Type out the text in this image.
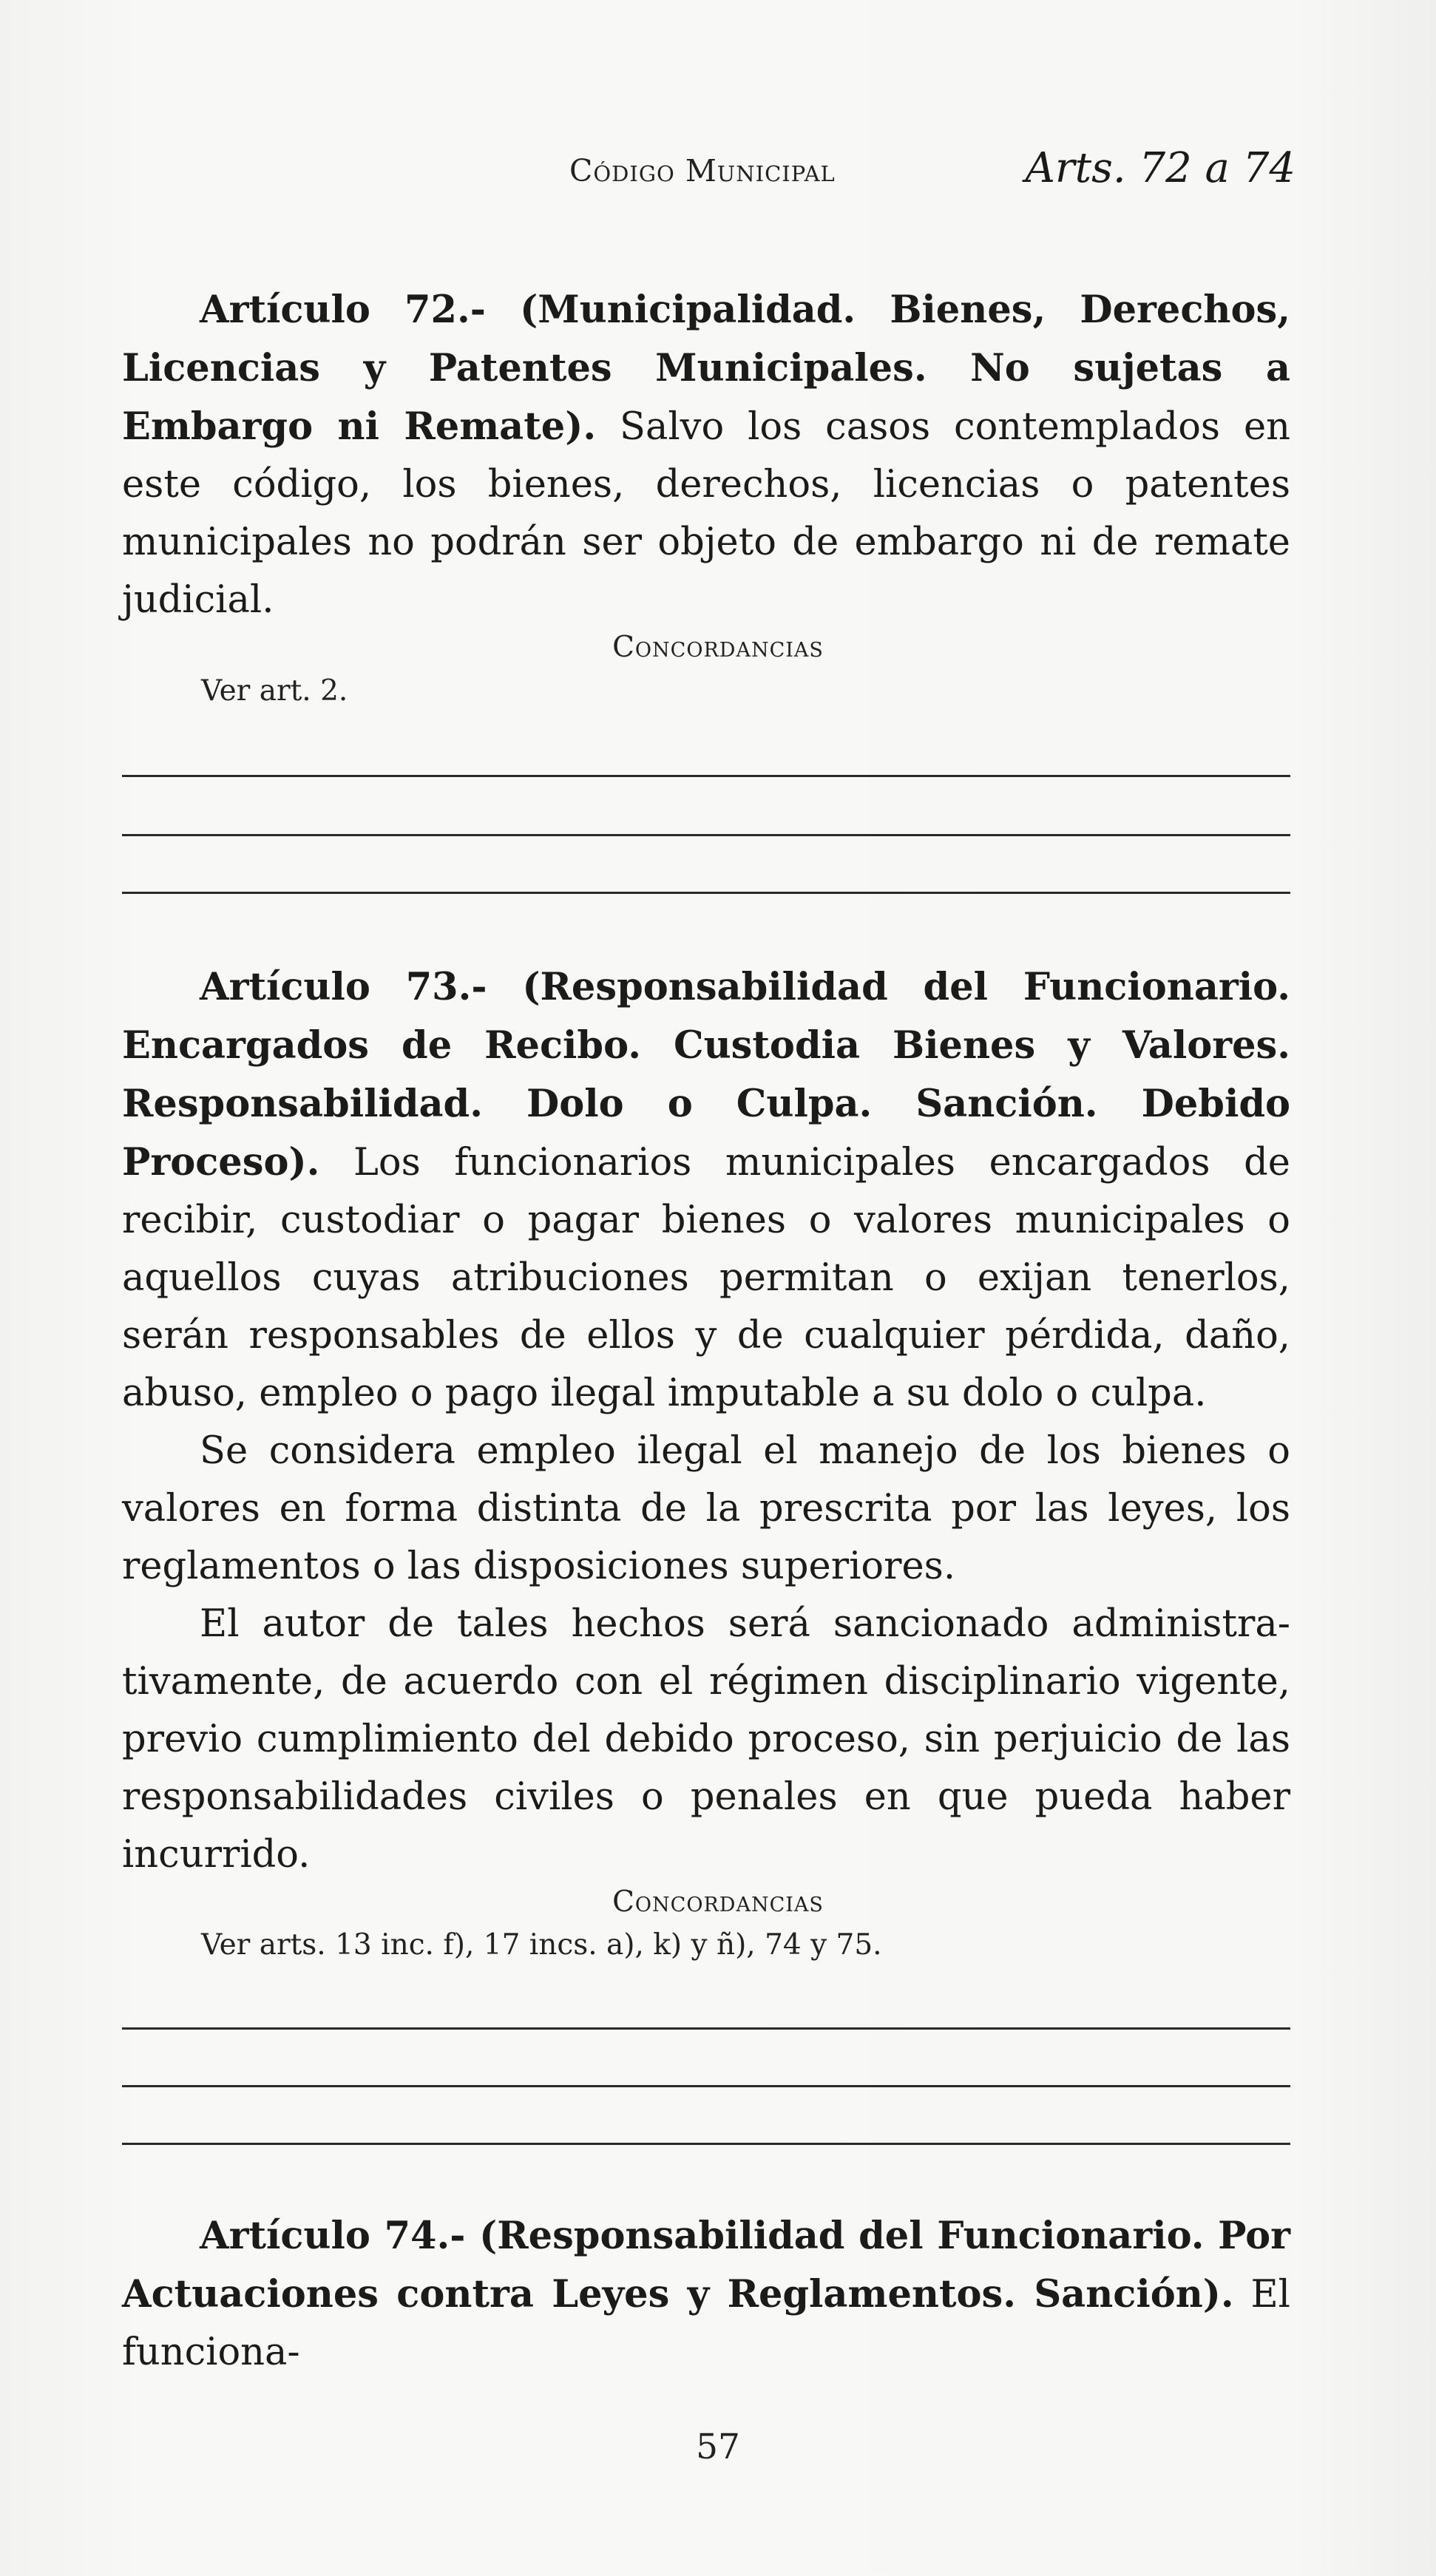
Código Municipal	Arts. 72 a 74

Artículo 72.- (Municipalidad. Bienes, Derechos, Licencias y Patentes Municipales. No sujetas a Embargo ni Remate). Salvo los casos contemplados en este código, los bienes, derechos, licencias o patentes municipales no podrán ser objeto de embargo ni de remate judicial.

Concordancias
Ver art. 2.

Artículo 73.- (Responsabilidad del Funcionario. Encargados de Recibo. Custodia Bienes y Valores. Responsabilidad. Dolo o Culpa. Sanción. Debido Proceso). Los funcionarios municipales encargados de recibir, custodiar o pagar bienes o valores municipales o aquellos cuyas atribuciones permitan o exijan tenerlos, serán responsables de ellos y de cualquier pérdida, daño, abuso, empleo o pago ilegal imputable a su dolo o culpa.

Se considera empleo ilegal el manejo de los bienes o valores en forma distinta de la prescrita por las leyes, los reglamentos o las disposiciones superiores.

El autor de tales hechos será sancionado administra-tivamente, de acuerdo con el régimen disciplinario vigente, previo cumplimiento del debido proceso, sin perjuicio de las responsabilidades civiles o penales en que pueda haber incurrido.

Concordancias
Ver arts. 13 inc. f), 17 incs. a), k) y ñ), 74 y 75.

Artículo 74.- (Responsabilidad del Funcionario. Por Actuaciones contra Leyes y Reglamentos. Sanción). El funciona-

57
